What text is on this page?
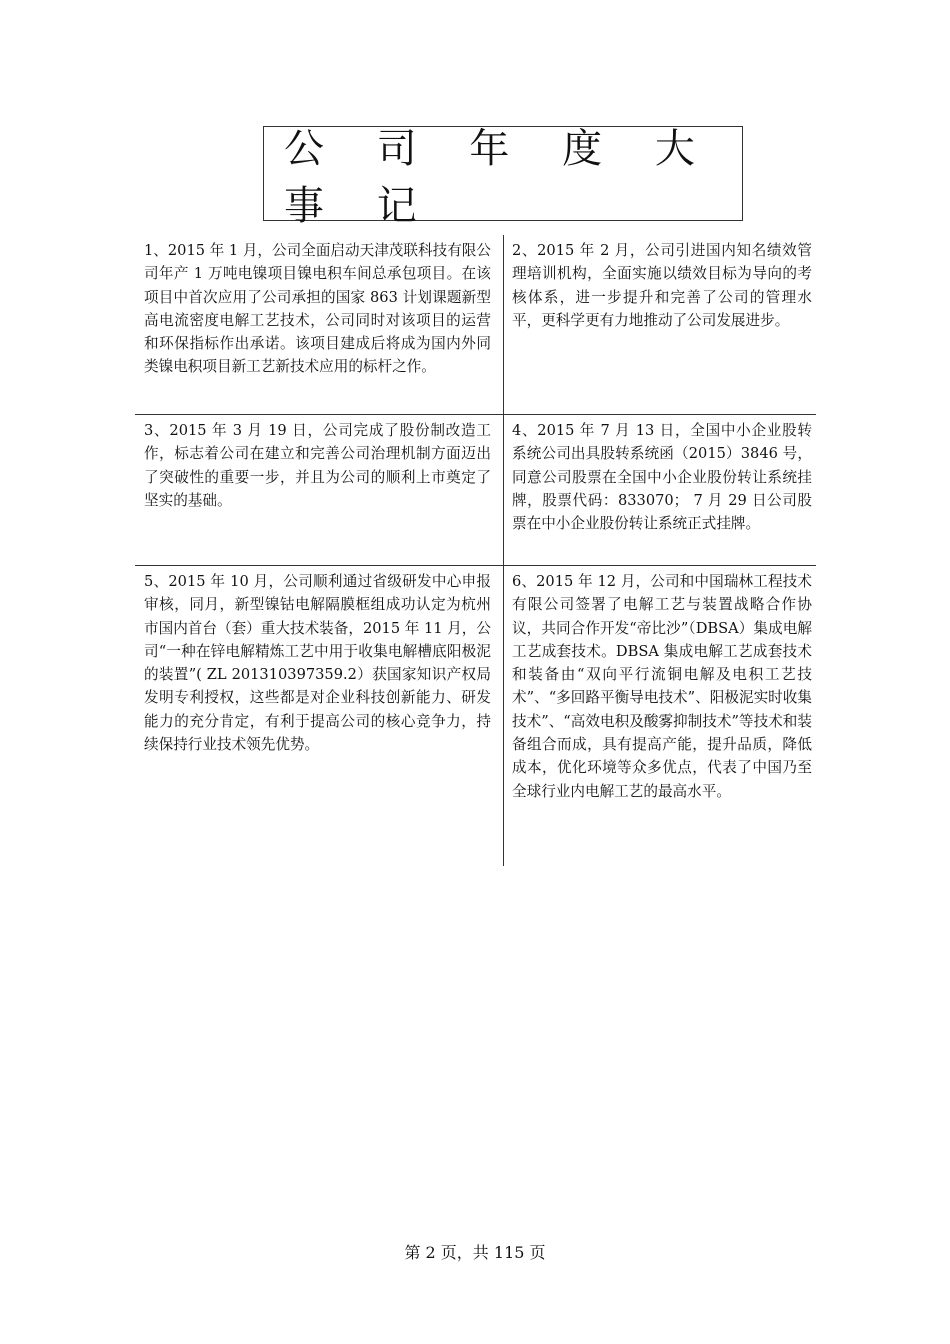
公 司 年 度 大 事 记
1、2015 年 1 月，公司全面启动天津茂联科技有限公司年产 1 万吨电镍项目镍电积车间总承包项目。在该项目中首次应用了公司承担的国家 863 计划课题新型高电流密度电解工艺技术，公司同时对该项目的运营和环保指标作出承诺。该项目建成后将成为国内外同类镍电积项目新工艺新技术应用的标杆之作。
2、2015 年 2 月，公司引进国内知名绩效管理培训机构，全面实施以绩效目标为导向的考核体系，进一步提升和完善了公司的管理水平，更科学更有力地推动了公司发展进步。
3、2015 年 3 月 19 日，公司完成了股份制改造工作，标志着公司在建立和完善公司治理机制方面迈出了突破性的重要一步，并且为公司的顺利上市奠定了坚实的基础。
4、2015 年 7 月 13 日，全国中小企业股转系统公司出具股转系统函（2015）3846 号，同意公司股票在全国中小企业股份转让系统挂牌，股票代码：833070； 7 月 29 日公司股票在中小企业股份转让系统正式挂牌。
5、2015 年 10 月，公司顺利通过省级研发中心申报审核，同月，新型镍钴电解隔膜框组成功认定为杭州市国内首台（套）重大技术装备，2015 年 11 月，公司“一种在锌电解精炼工艺中用于收集电解槽底阳极泥的装置”( ZL 201310397359.2）获国家知识产权局发明专利授权，这些都是对企业科技创新能力、研发能力的充分肯定，有利于提高公司的核心竞争力，持续保持行业技术领先优势。
6、2015 年 12 月，公司和中国瑞林工程技术有限公司签署了电解工艺与装置战略合作协议，共同合作开发“帝比沙”（DBSA）集成电解工艺成套技术。DBSA 集成电解工艺成套技术和装备由“双向平行流铜电解及电积工艺技术”、“多回路平衡导电技术”、阳极泥实时收集技术”、“高效电积及酸雾抑制技术”等技术和装备组合而成，具有提高产能，提升品质，降低成本，优化环境等众多优点，代表了中国乃至全球行业内电解工艺的最高水平。
第 2 页，共 115 页
